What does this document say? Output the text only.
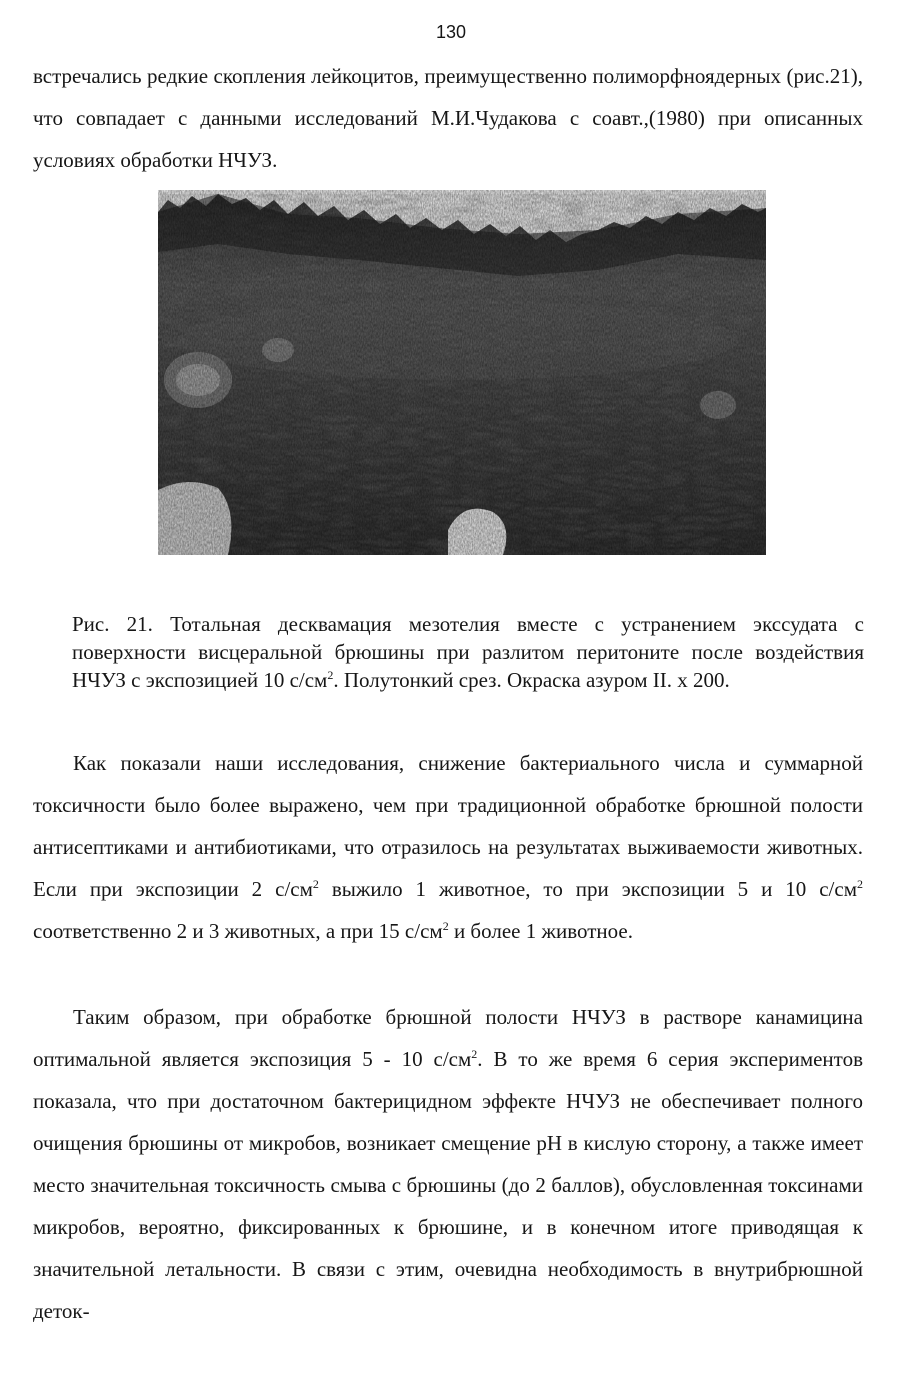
130

встречались редкие скопления лейкоцитов, преимущественно полиморфноядерных (рис.21), что совпадает с данными исследований М.И.Чудакова с соавт.,(1980) при описанных условиях обработки НЧУЗ.

Рис. 21. Тотальная десквамация мезотелия вместе с устранением экссудата с поверхности висцеральной брюшины при разлитом перитоните после воздействия НЧУЗ с экспозицией 10 $с/см^2$. Полутонкий срез. Окраска азуром II. х 200.

Как показали наши исследования, снижение бактериального числа и суммарной токсичности было более выражено, чем при традиционной обработке брюшной полости антисептиками и антибиотиками, что отразилось на результатах выживаемости животных. Если при экспозиции 2 $с/см^2$ выжило 1 животное, то при экспозиции 5 и 10 $с/см^2$ соответственно 2 и 3 животных, а при 15 $с/см^2$ и более 1 животное.

Таким образом, при обработке брюшной полости НЧУЗ в растворе канамицина оптимальной является экспозиция 5 - 10 $с/см^2$. В то же время 6 серия экспериментов показала, что при достаточном бактерицидном эффекте НЧУЗ не обеспечивает полного очищения брюшины от микробов, возникает смещение рН в кислую сторону, а также имеет место значительная токсичность смыва с брюшины (до 2 баллов), обусловленная токсинами микробов, вероятно, фиксированных к брюшине, и в конечном итоге приводящая к значительной летальности. В связи с этим, очевидна необходимость в внутрибрюшной деток-
